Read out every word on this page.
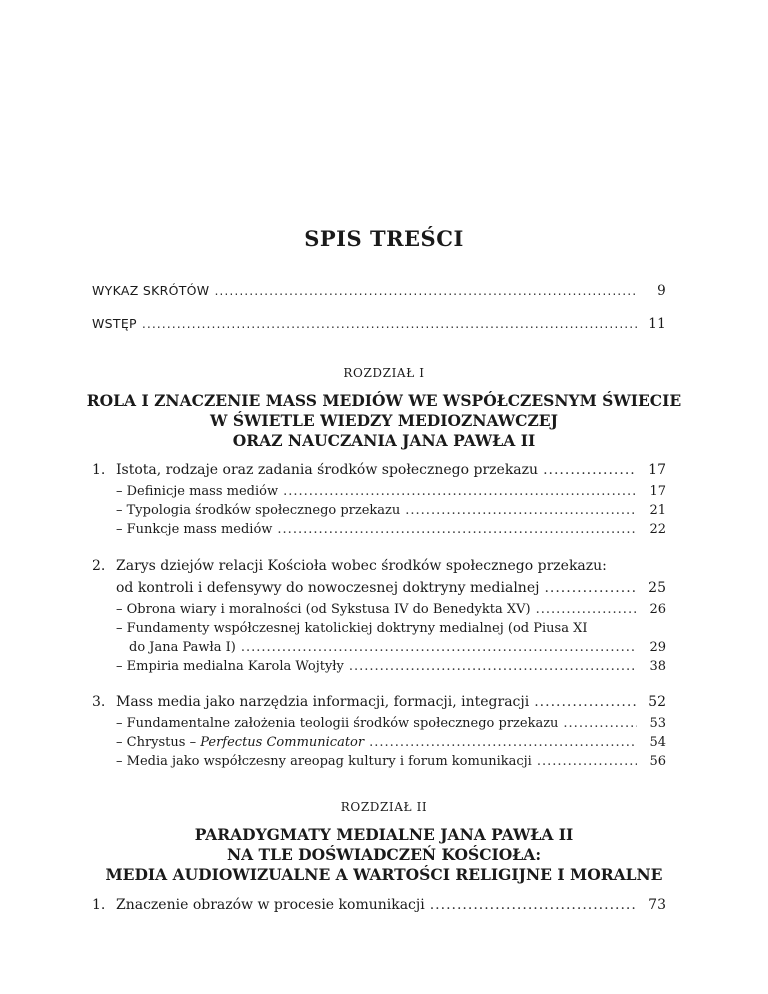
SPIS TREŚCI
WYKAZ SKRÓTÓW .....	9
WSTĘP .....	11
ROZDZIAŁ I
ROLA I ZNACZENIE MASS MEDIÓW WE WSPÓŁCZESNYM ŚWIECIE
W ŚWIETLE WIEDZY MEDIOZNAWCZEJ
ORAZ NAUCZANIA JANA PAWŁA II
1. Istota, rodzaje oraz zadania środków społecznego przekazu .....	17
– Definicje mass mediów .....	17
– Typologia środków społecznego przekazu .....	21
– Funkcje mass mediów .....	22
2. Zarys dziejów relacji Kościoła wobec środków społecznego przekazu:
od kontroli i defensywy do nowoczesnej doktryny medialnej .....	25
– Obrona wiary i moralności (od Sykstusa IV do Benedykta XV) .....	26
– Fundamenty współczesnej katolickiej doktryny medialnej (od Piusa XI
do Jana Pawła I) .....	29
– Empiria medialna Karola Wojtyły .....	38
3. Mass media jako narzędzia informacji, formacji, integracji .....	52
– Fundamentalne założenia teologii środków społecznego przekazu .....	53
– Chrystus – Perfectus Communicator .....	54
– Media jako współczesny areopag kultury i forum komunikacji .....	56
ROZDZIAŁ II
PARADYGMATY MEDIALNE JANA PAWŁA II
NA TLE DOŚWIADCZEŃ KOŚCIOŁA:
MEDIA AUDIOWIZUALNE A WARTOŚCI RELIGIJNE I MORALNE
1. Znaczenie obrazów w procesie komunikacji .....	73
